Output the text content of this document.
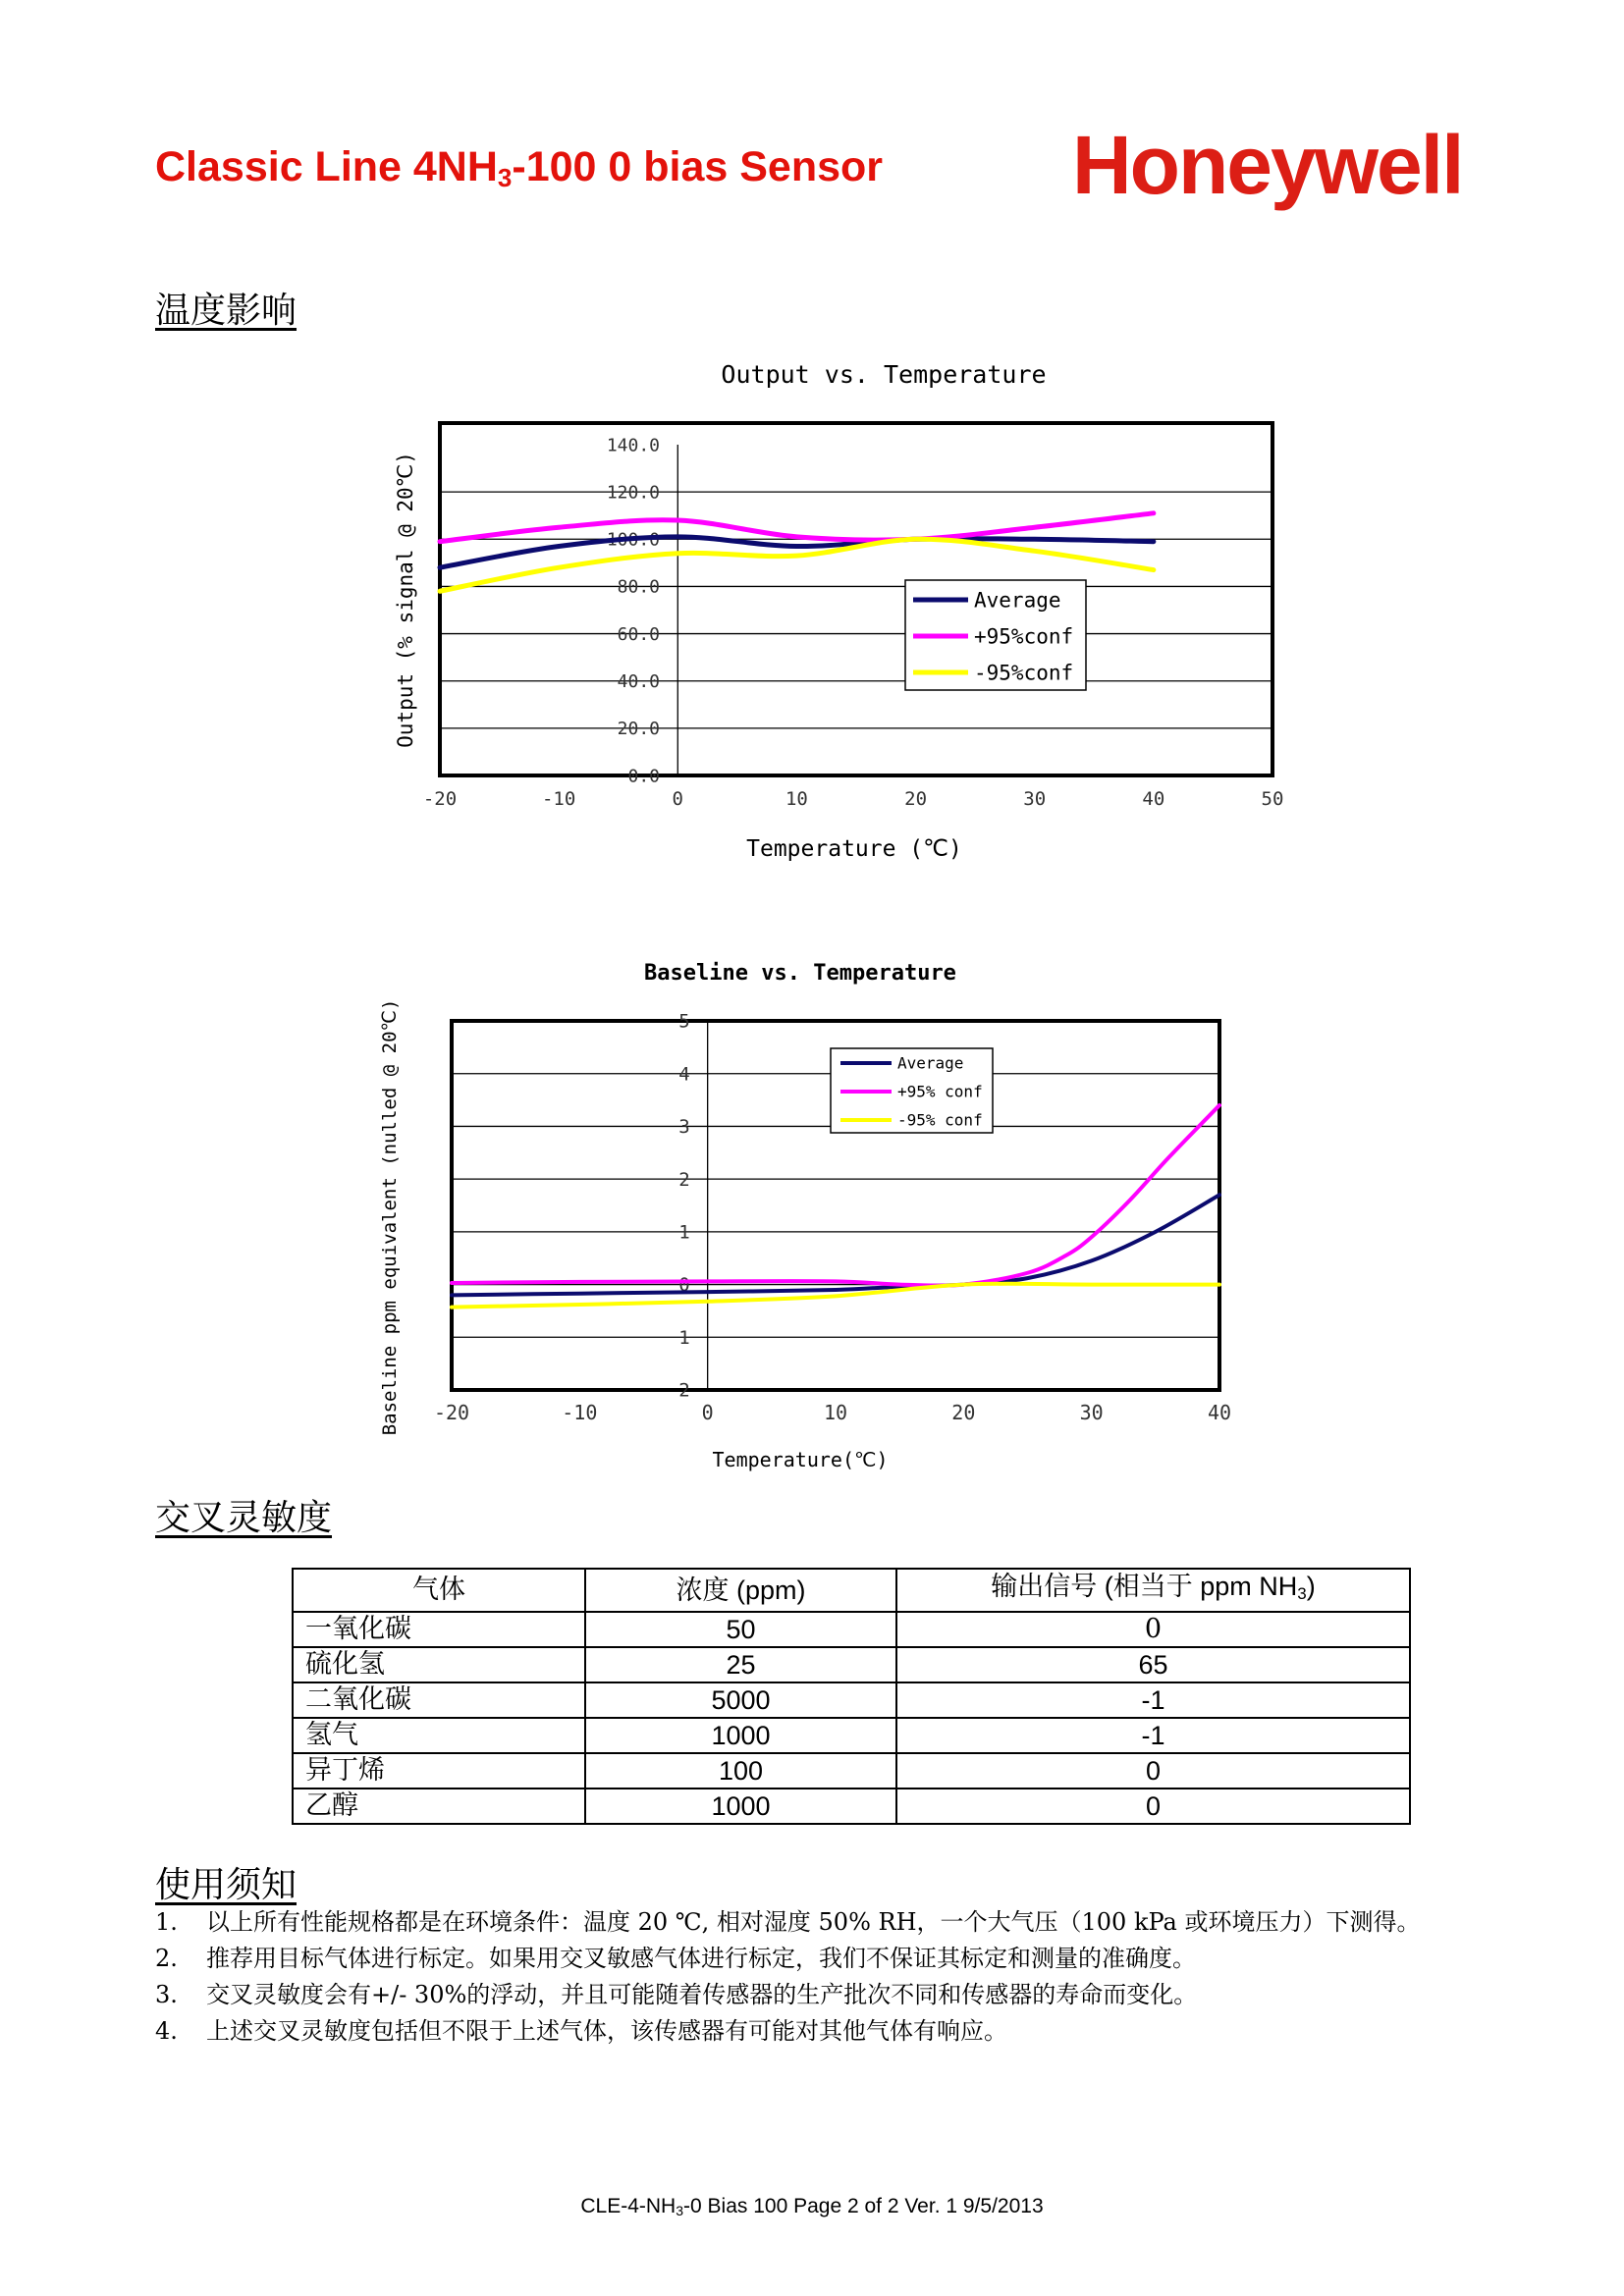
Classic Line $4NH_3-100$ 0 bias Sensor Honeywell
温度影响
Output vs. Temperature
0.0
20.0
40.0
60.0
80.0
100.0
120.0
140.0
-20	-10	0	10	20	30	40	50
Temperature (℃)
Output (% signal @ 20℃)	Average
+95%conf
-95%conf
Baseline vs. Temperature
5
4
3
2
1
0
1
2
-20	-10	0	10	20	30	40
Temperature(℃)
Baseline ppm equivalent (nulled @ 20℃)	Average
+95% conf
-95% conf
交叉灵敏度
气体	浓度 (ppm)	输出信号 (相当于 ppm $NH_3$)
一氧化碳	50	0
硫化氢	25	65
二氧化碳	5000	-1
氢气	1000	-1
异丁烯	100	0
乙醇	1000	0
使用须知
1.	以上所有性能规格都是在环境条件：温度 20 ℃, 相对湿度 50% RH，一个大气压（100 kPa 或环境压力）下测得。
2.	推荐用目标气体进行标定。如果用交叉敏感气体进行标定，我们不保证其标定和测量的准确度。
3.	交叉灵敏度会有+/- 30%的浮动，并且可能随着传感器的生产批次不同和传感器的寿命而变化。
4.	上述交叉灵敏度包括但不限于上述气体，该传感器有可能对其他气体有响应。
CLE-$4-NH_3-0$ Bias 100 Page 2 of 2 Ver. 1 9/5/2013
